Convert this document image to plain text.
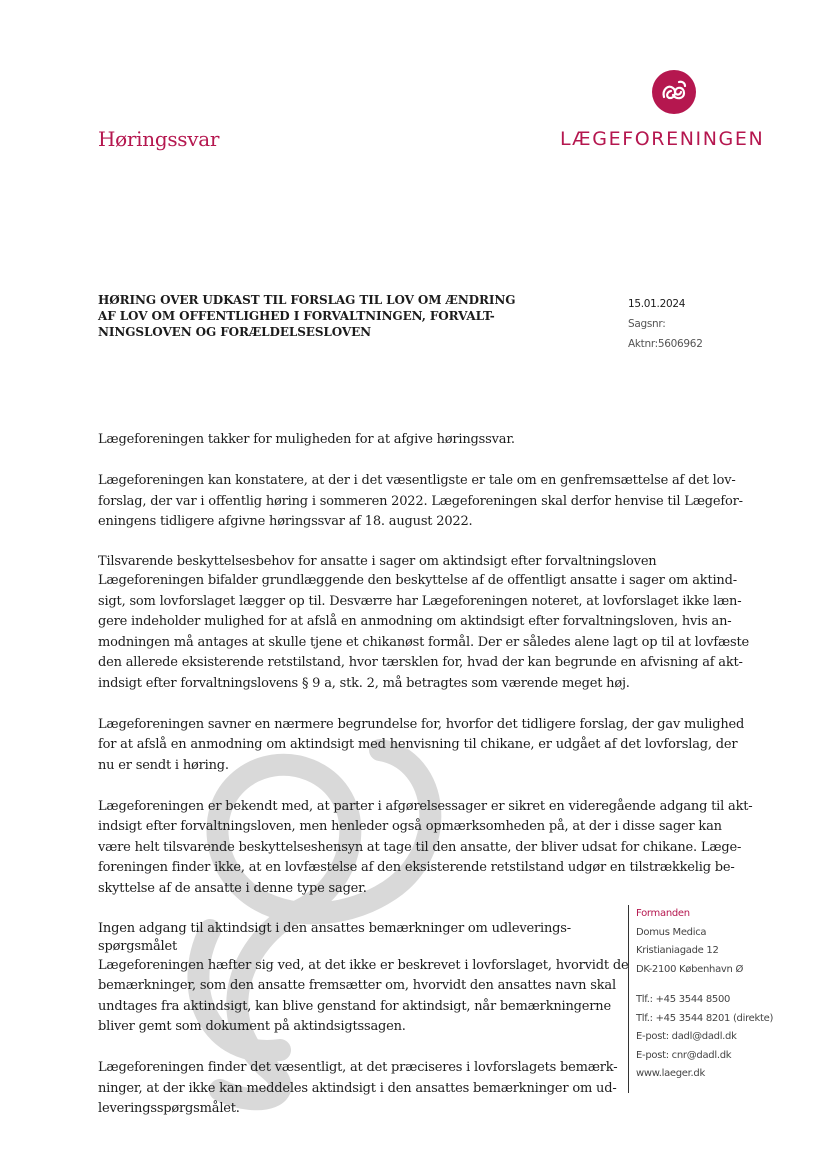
LÆGEFORENINGEN
Høringssvar
HØRING OVER UDKAST TIL FORSLAG TIL LOV OM ÆNDRING
AF LOV OM OFFENTLIGHED I FORVALTNINGEN, FORVALT-
NINGSLOVEN OG FORÆLDELSESLOVEN
15.01.2024
Sagsnr:
Aktnr:5606962

Lægeforeningen takker for muligheden for at afgive høringssvar.

Lægeforeningen kan konstatere, at der i det væsentligste er tale om en genfremsættelse af det lov-
forslag, der var i offentlig høring i sommeren 2022. Lægeforeningen skal derfor henvise til Lægefor-
eningens tidligere afgivne høringssvar af 18. august 2022.

Tilsvarende beskyttelsesbehov for ansatte i sager om aktindsigt efter forvaltningsloven

Lægeforeningen bifalder grundlæggende den beskyttelse af de offentligt ansatte i sager om aktind-
sigt, som lovforslaget lægger op til. Desværre har Lægeforeningen noteret, at lovforslaget ikke læn-
gere indeholder mulighed for at afslå en anmodning om aktindsigt efter forvaltningsloven, hvis an-
modningen må antages at skulle tjene et chikanøst formål. Der er således alene lagt op til at lovfæste
den allerede eksisterende retstilstand, hvor tærsklen for, hvad der kan begrunde en afvisning af akt-
indsigt efter forvaltningslovens § 9 a, stk. 2, må betragtes som værende meget høj.

Lægeforeningen savner en nærmere begrundelse for, hvorfor det tidligere forslag, der gav mulighed
for at afslå en anmodning om aktindsigt med henvisning til chikane, er udgået af det lovforslag, der
nu er sendt i høring.

Lægeforeningen er bekendt med, at parter i afgørelsessager er sikret en videregående adgang til akt-
indsigt efter forvaltningsloven, men henleder også opmærksomheden på, at der i disse sager kan
være helt tilsvarende beskyttelseshensyn at tage til den ansatte, der bliver udsat for chikane. Læge-
foreningen finder ikke, at en lovfæstelse af den eksisterende retstilstand udgør en tilstrækkelig be-
skyttelse af de ansatte i denne type sager.

Ingen adgang til aktindsigt i den ansattes bemærkninger om udleverings-
spørgsmålet

Lægeforeningen hæfter sig ved, at det ikke er beskrevet i lovforslaget, hvorvidt de
bemærkninger, som den ansatte fremsætter om, hvorvidt den ansattes navn skal
undtages fra aktindsigt, kan blive genstand for aktindsigt, når bemærkningerne
bliver gemt som dokument på aktindsigtssagen.

Lægeforeningen finder det væsentligt, at det præciseres i lovforslagets bemærk-
ninger, at der ikke kan meddeles aktindsigt i den ansattes bemærkninger om ud-
leveringsspørgsmålet.

Formanden
Domus Medica
Kristianiagade 12
DK-2100 København Ø
Tlf.: +45 3544 8500
Tlf.: +45 3544 8201 (direkte)
E-post: dadl@dadl.dk
E-post: cnr@dadl.dk
www.laeger.dk
